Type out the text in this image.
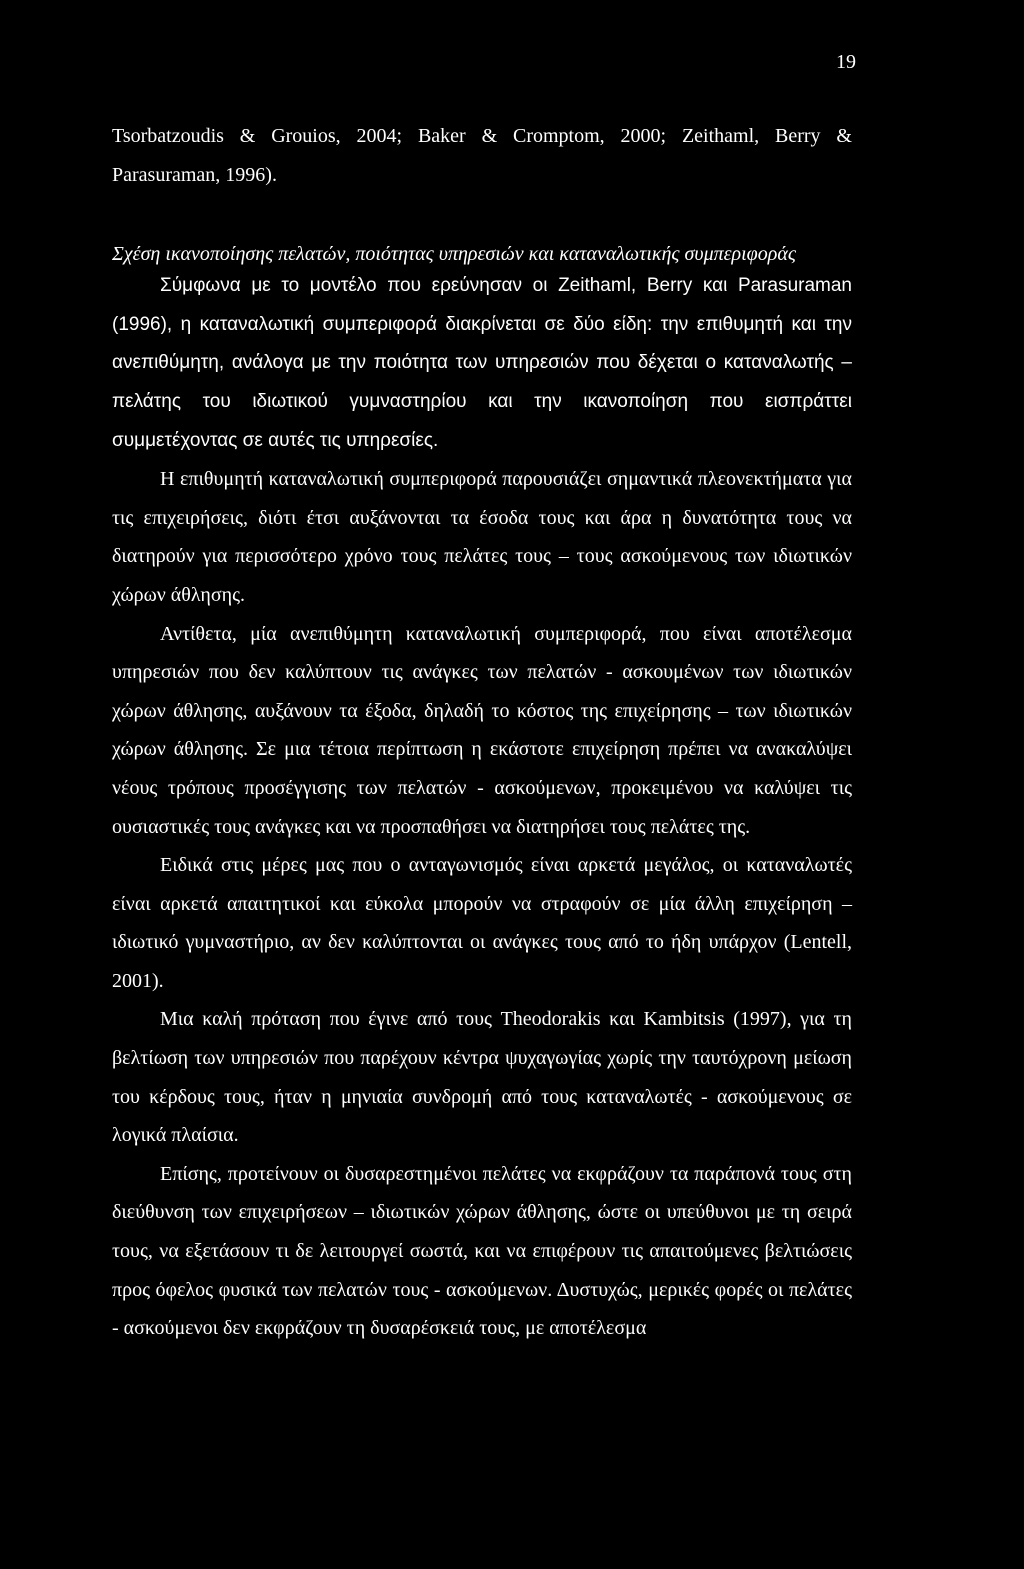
19

Tsorbatzoudis & Grouios, 2004; Baker & Cromptom, 2000; Zeithaml, Berry & Parasuraman, 1996).

Σχέση ικανοποίησης πελατών, ποιότητας υπηρεσιών και καταναλωτικής συμπεριφοράς

Σύμφωνα με το μοντέλο που ερεύνησαν οι Zeithaml, Berry και Parasuraman (1996), η καταναλωτική συμπεριφορά διακρίνεται σε δύο είδη: την επιθυμητή και την ανεπιθύμητη, ανάλογα με την ποιότητα των υπηρεσιών που δέχεται ο καταναλωτής – πελάτης του ιδιωτικού γυμναστηρίου και την ικανοποίηση που εισπράττει συμμετέχοντας σε αυτές τις υπηρεσίες.

Η επιθυμητή καταναλωτική συμπεριφορά παρουσιάζει σημαντικά πλεονεκτήματα για τις επιχειρήσεις, διότι έτσι αυξάνονται τα έσοδα τους και άρα η δυνατότητα τους να διατηρούν για περισσότερο χρόνο τους πελάτες τους – τους ασκούμενους των ιδιωτικών χώρων άθλησης.

Αντίθετα, μία ανεπιθύμητη καταναλωτική συμπεριφορά, που είναι αποτέλεσμα υπηρεσιών που δεν καλύπτουν τις ανάγκες των πελατών - ασκουμένων των ιδιωτικών χώρων άθλησης, αυξάνουν τα έξοδα, δηλαδή το κόστος της επιχείρησης – των ιδιωτικών χώρων άθλησης. Σε μια τέτοια περίπτωση η εκάστοτε επιχείρηση πρέπει να ανακαλύψει νέους τρόπους προσέγγισης των πελατών - ασκούμενων, προκειμένου να καλύψει τις ουσιαστικές τους ανάγκες και να προσπαθήσει να διατηρήσει τους πελάτες της.

Ειδικά στις μέρες μας που ο ανταγωνισμός είναι αρκετά μεγάλος, οι καταναλωτές είναι αρκετά απαιτητικοί και εύκολα μπορούν να στραφούν σε μία άλλη επιχείρηση – ιδιωτικό γυμναστήριο, αν δεν καλύπτονται οι ανάγκες τους από το ήδη υπάρχον (Lentell, 2001).

Μια καλή πρόταση που έγινε από τους Theodorakis και Kambitsis (1997), για τη βελτίωση των υπηρεσιών που παρέχουν κέντρα ψυχαγωγίας χωρίς την ταυτόχρονη μείωση του κέρδους τους, ήταν η μηνιαία συνδρομή από τους καταναλωτές - ασκούμενους σε λογικά πλαίσια.

Επίσης, προτείνουν οι δυσαρεστημένοι πελάτες να εκφράζουν τα παράπονά τους στη διεύθυνση των επιχειρήσεων – ιδιωτικών χώρων άθλησης, ώστε οι υπεύθυνοι με τη σειρά τους, να εξετάσουν τι δε λειτουργεί σωστά, και να επιφέρουν τις απαιτούμενες βελτιώσεις προς όφελος φυσικά των πελατών τους - ασκούμενων. Δυστυχώς, μερικές φορές οι πελάτες - ασκούμενοι δεν εκφράζουν τη δυσαρέσκειά τους, με αποτέλεσμα
